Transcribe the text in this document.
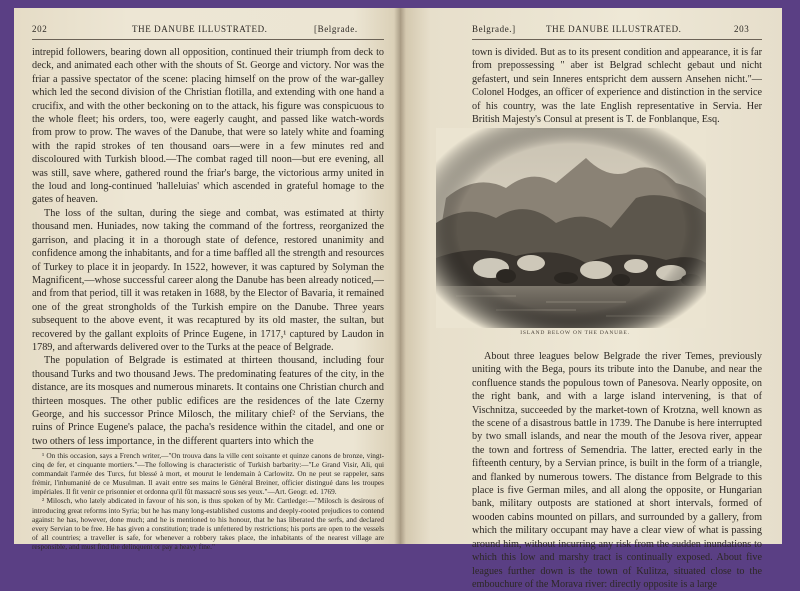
202	THE DANUBE ILLUSTRATED.	[Belgrade.

intrepid followers, bearing down all opposition, continued their triumph from deck to deck, and animated each other with the shouts of St. George and victory. Nor was the friar a passive spectator of the scene: placing himself on the prow of the war-galley which led the second division of the Christian flotilla, and extending with one hand a crucifix, and with the other beckoning on to the attack, his figure was conspicuous to the whole fleet; his orders, too, were eagerly caught, and passed like watch-words from prow to prow. The waves of the Danube, that were so lately white and foaming with the rapid strokes of ten thousand oars—were in a few minutes red and discoloured with Turkish blood.—The combat raged till noon—but ere evening, all was still, save where, gathered round the friar's barge, the victorious army united in the loud and long-continued 'halleluias' which ascended in grateful homage to the gates of heaven.

The loss of the sultan, during the siege and combat, was estimated at thirty thousand men. Huniades, now taking the command of the fortress, reorganized the garrison, and placing it in a thorough state of defence, restored unanimity and confidence among the inhabitants, and for a time baffled all the strength and resources of Turkey to place it in jeopardy. In 1522, however, it was captured by Solyman the Magnificent,—whose successful career along the Danube has been already noticed,—and from that period, till it was retaken in 1688, by the Elector of Bavaria, it remained one of the great strongholds of the Turkish empire on the Danube. Three years subsequent to the above event, it was recaptured by its old master, the sultan, but recovered by the gallant exploits of Prince Eugene, in 1717,¹ captured by Laudon in 1789, and afterwards delivered over to the Turks at the peace of Belgrade.

The population of Belgrade is estimated at thirteen thousand, including four thousand Turks and two thousand Jews. The predominating features of the city, in the distance, are its mosques and numerous minarets. It contains one Christian church and thirteen mosques. The other public edifices are the residences of the late Czerny George, and his successor Prince Milosch, the military chief² of the Servians, the ruins of Prince Eugene's palace, the pacha's residence within the citadel, and one or two others of less importance, in the different quarters into which the

¹ On this occasion, says a French writer,—"On trouva dans la ville cent soixante et quinze canons de bronze, vingt-cinq de fer, et cinquante mortiers."—The following is characteristic of Turkish barbarity:—"Le Grand Visir, Ali, qui commandait l'armée des Turcs, fut blessé à mort, et mourut le lendemain à Carlowitz. On ne peut se rappeler, sans frémir, l'inhumanité de ce Musulman. Il avait entre ses mains le Général Breiner, officier distingué dans les troupes impériales. Il fit venir ce prisonnier et ordonna qu'il fût massacré sous ses yeux."—Art. Geogr. ed. 1769.

² Milosch, who lately abdicated in favour of his son, is thus spoken of by Mr. Cartledge:—"Milosch is desirous of introducing great reforms into Syria; but he has many long-established customs and deeply-rooted prejudices to contend against: he has, however, done much; and he is mentioned to his honour, that he has liberated the serfs, and declared every Servian to be free. He has given a constitution; trade is unfettered by restrictions; his ports are open to the vessels of all countries; a traveller is safe, for whenever a robbery takes place, the inhabitants of the nearest village are responsible, and must find the delinquent or pay a heavy fine."

Belgrade.]	THE DANUBE ILLUSTRATED.	203

town is divided. But as to its present condition and appearance, it is far from prepossessing " aber ist Belgrad schlecht gebaut und nicht gefastert, und sein Inneres entspricht dem aussern Ansehen nicht."—Colonel Hodges, an officer of experience and distinction in the service of his country, was the late English representative in Servia. Her British Majesty's Consul at present is T. de Fonblanque, Esq.

ISLAND BELOW ON THE DANUBE.

About three leagues below Belgrade the river Temes, previously uniting with the Bega, pours its tribute into the Danube, and near the confluence stands the populous town of Panesova. Nearly opposite, on the right bank, and with a large island intervening, is that of Vischnitza, succeeded by the market-town of Krotzna, well known as the scene of a disastrous battle in 1739. The Danube is here interrupted by two small islands, and near the mouth of the Jesova river, appear the town and fortress of Semendria. The latter, erected early in the fifteenth century, by a Servian prince, is built in the form of a triangle, and flanked by numerous towers. The distance from Belgrade to this place is five German miles, and all along the opposite, or Hungarian bank, military outposts are stationed at short intervals, formed of wooden cabins mounted on pillars, and surrounded by a gallery, from which the military occupant may have a clear view of what is passing around him, without incurring any risk from the sudden inundations to which this low and marshy tract is continually exposed. About five leagues further down is the town of Kulitza, situated close to the embouchure of the Morava river: directly opposite is a large
